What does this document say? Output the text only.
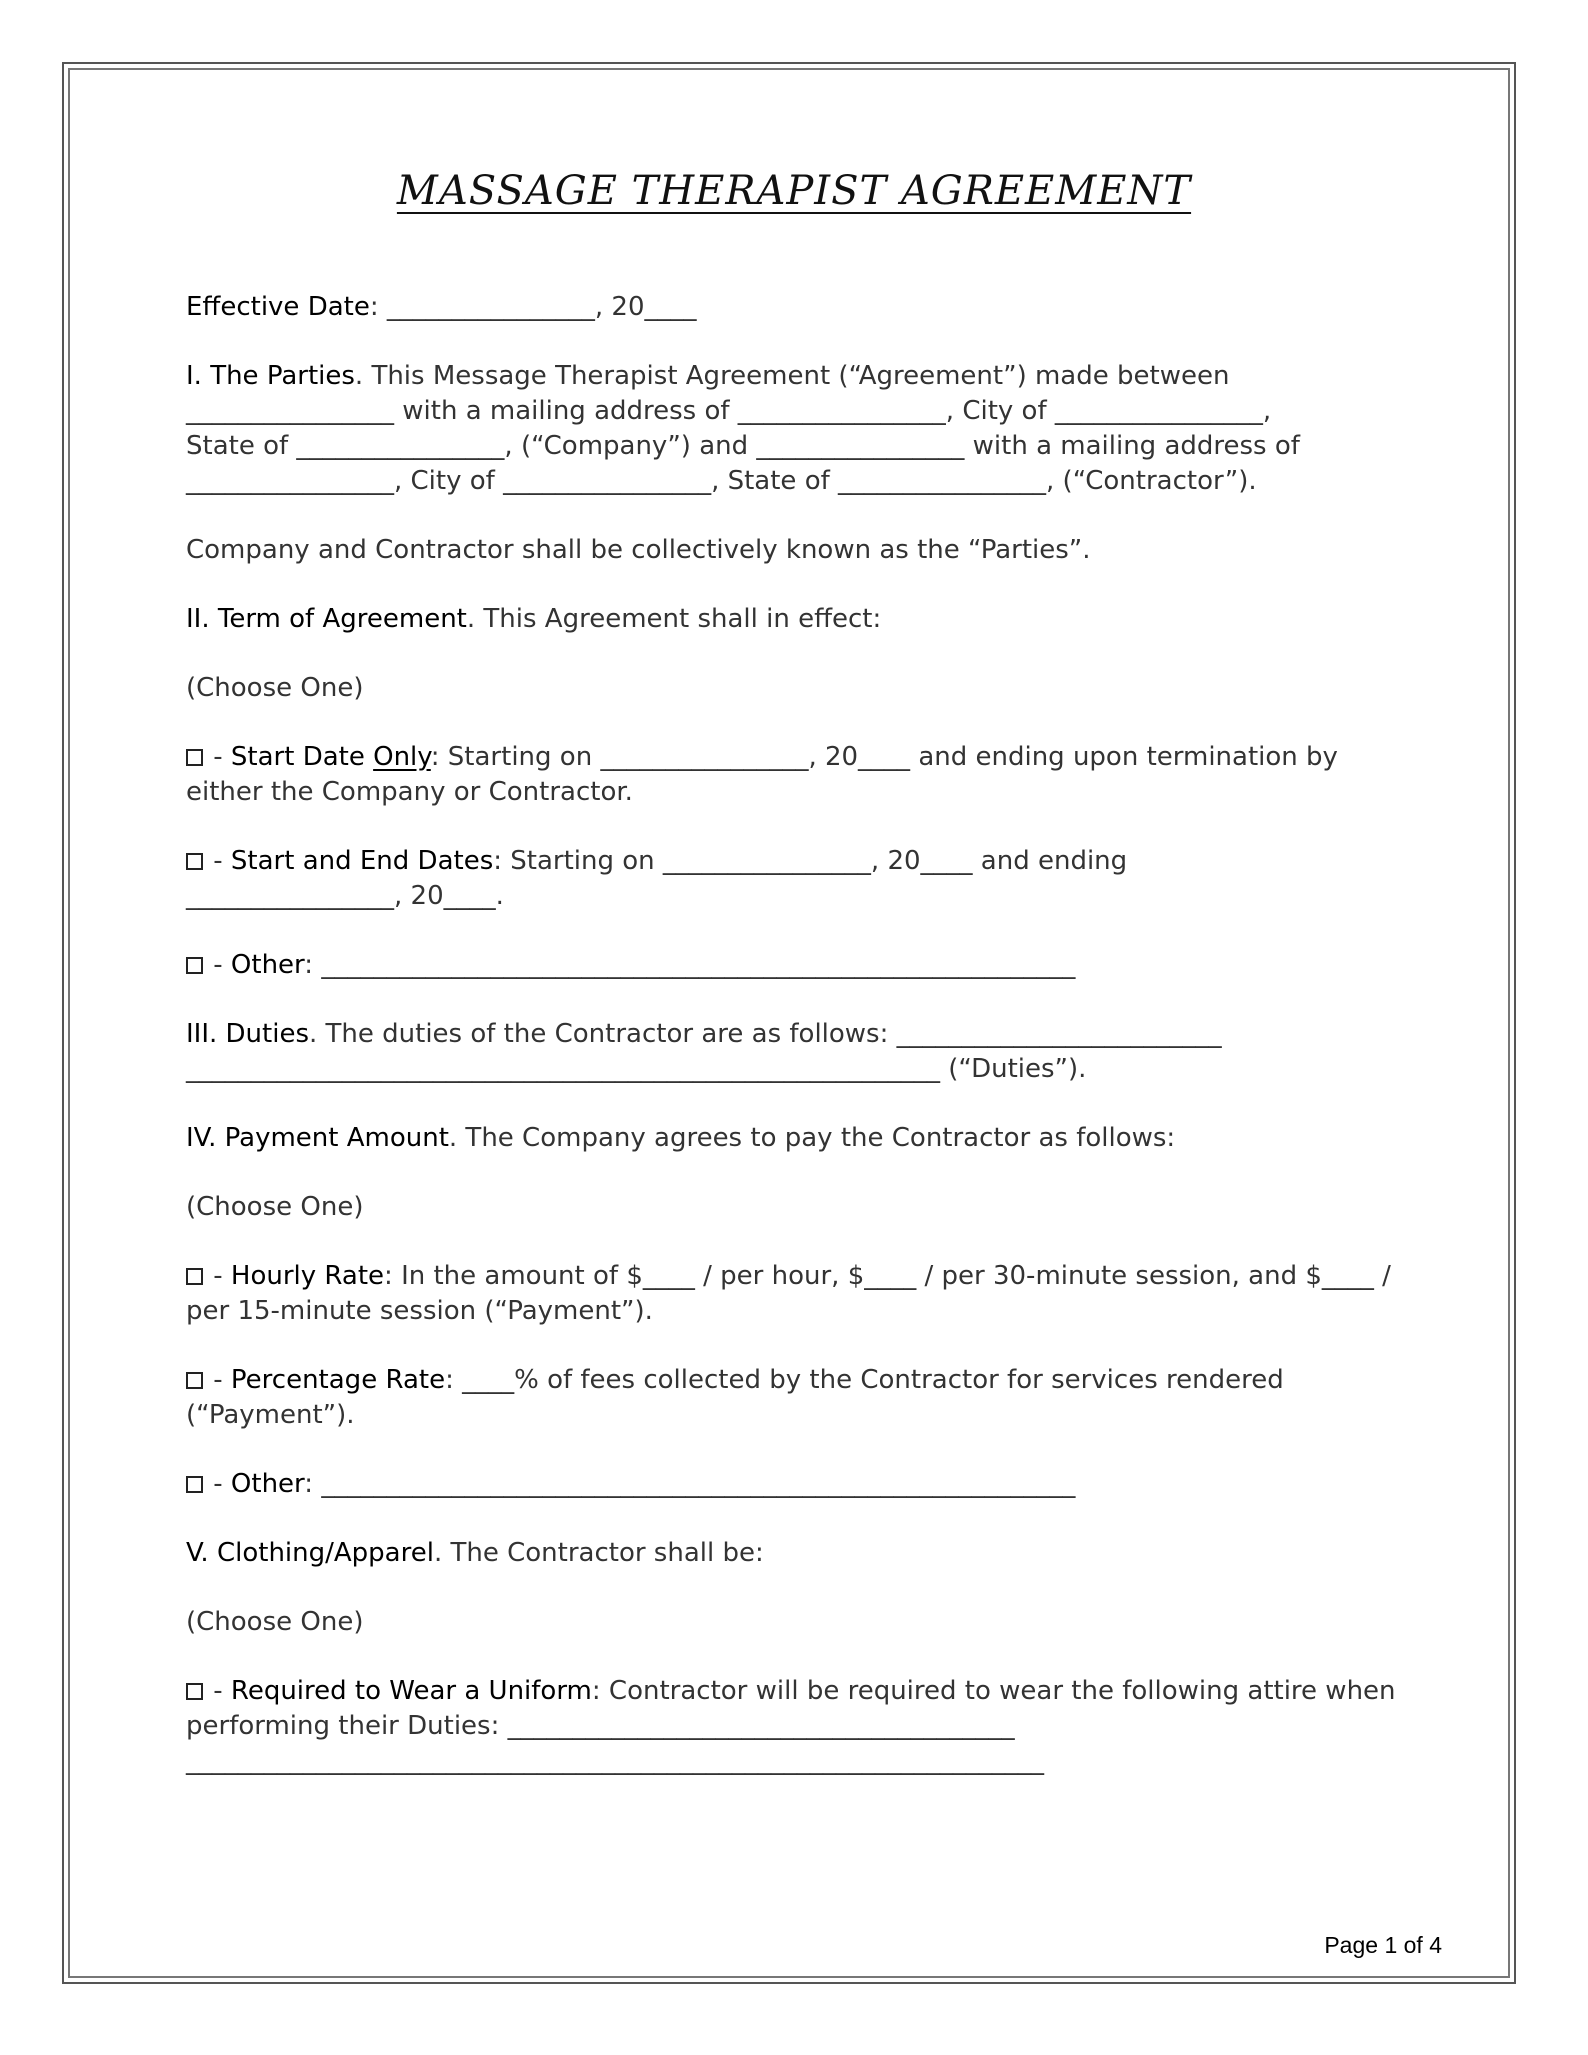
MASSAGE THERAPIST AGREEMENT

Effective Date: ________________, 20____

I. The Parties. This Message Therapist Agreement (“Agreement”) made between
________________ with a mailing address of ________________, City of ________________,
State of ________________, (“Company”) and ________________ with a mailing address of
________________, City of ________________, State of ________________, (“Contractor”).

Company and Contractor shall be collectively known as the “Parties”.

II. Term of Agreement. This Agreement shall in effect:

(Choose One)

- Start Date Only: Starting on ________________, 20____ and ending upon termination by
either the Company or Contractor.

- Start and End Dates: Starting on ________________, 20____ and ending
________________, 20____.

- Other: __________________________________________________________

III. Duties. The duties of the Contractor are as follows: _________________________
__________________________________________________________ (“Duties”).

IV. Payment Amount. The Company agrees to pay the Contractor as follows:

(Choose One)

- Hourly Rate: In the amount of $____ / per hour, $____ / per 30-minute session, and $____ /
per 15-minute session (“Payment”).

- Percentage Rate: ____% of fees collected by the Contractor for services rendered
(“Payment”).

- Other: __________________________________________________________

V. Clothing/Apparel. The Contractor shall be:

(Choose One)

- Required to Wear a Uniform: Contractor will be required to wear the following attire when
performing their Duties: _______________________________________
__________________________________________________________________

Page 1 of 4
